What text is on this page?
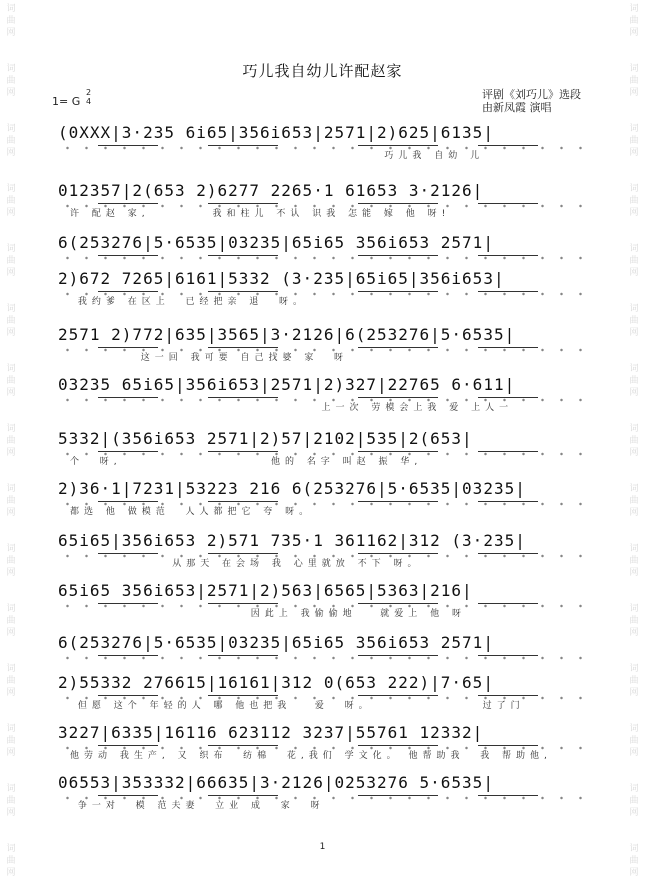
词
曲
网
词
曲
网
词
曲
网
词
曲
网
词
曲
网
词
曲
网
词
曲
网
词
曲
网
词
曲
网
词
曲
网
词
曲
网
词
曲
网
词
曲
网
词
曲
网
词
曲
网
词
曲
网
词
曲
网
词
曲
网
词
曲
网
词
曲
网
词
曲
网
词
曲
网
词
曲
网
词
曲
网
词
曲
网
词
曲
网
词
曲
网
词
曲
网
词
曲
网
词
曲
网
巧儿我自幼儿许配赵家
1= G
2
4
评剧《刘巧儿》选段
由新凤霞 演唱
(0XXX|3·235 6i65|356i653|2571|2)625|6135|
巧儿我 自幼 儿
012357|2(653 2)6277 2265·1 61653 3·2126|
许 配赵 家,        我和柱儿 不认 识我 怎能 嫁 他 呀!
6(253276|5·6535|03235|65i65 356i653 2571|
2)672 7265|6161|5332 (3·235|65i65|356i653|
我约爹 在区上  已经把亲 退  呀。
2571 2)772|635|3565|3·2126|6(253276|5·6535|
这一回 我可要 自己找婆 家  呀
03235 65i65|356i653|2571|2)327|22765 6·611|
上一次 劳模会上我 爱 上人一
5332|(356i653 2571|2)57|2102|535|2(653|
个  呀,                   他的 名字 叫赵 振 华,
2)36·1|7231|53223 216 6(253276|5·6535|03235|
都选 他 做模范  人人都把它 夸 呀。
65i65|356i653 2)571 735·1 361162|312 (3·235|
从那天 在会场 我 心里就放 不下 呀。
65i65 356i653|2571|2)563|6565|5363|216|
因此上 我偷偷地   就爱上 他 呀
6(253276|5·6535|03235|65i65 356i653 2571|
2)55332 276615|16161|312 0(653 222)|7·65|
但愿 这个 年轻的人 哪 他也把我   爱  呀。              过了门
3227|6335|16116 623112 3237|55761 12332|
他劳动 我生产, 又 织布  纺棉  花,我们 学文化。 他帮助我  我 帮助他,
06553|353332|66635|3·2126|0253276 5·6535|
争一对  模 范夫妻  立业 成  家  呀
1
